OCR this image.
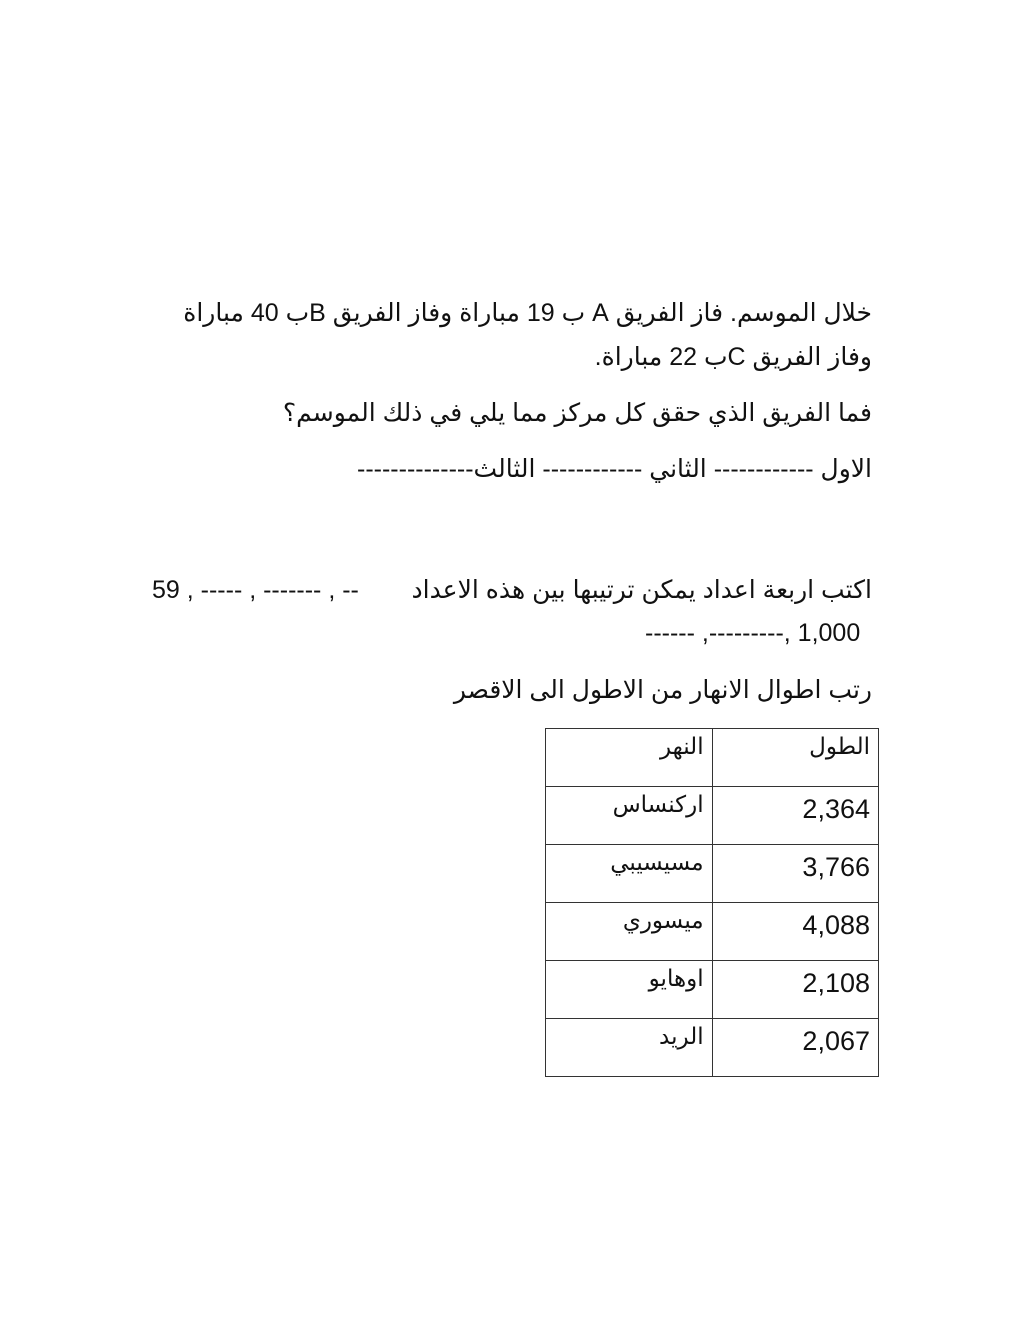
خلال الموسم. فاز الفريق A ب 19 مباراة وفاز الفريق Bب 40 مباراة
وفاز الفريق Cب 22 مباراة.
فما الفريق الذي حقق كل مركز مما يلي في ذلك الموسم؟
الاول ------------ الثاني ------------ الثالث--------------
اكتب اربعة اعداد يمكن ترتيبها بين هذه الاعداد
59 , ----- , ------- , --
------ ,---------, 1,000
رتب اطوال الانهار من الاطول الى الاقصر
الطول	النهر
2,364	اركنساس
3,766	مسيسيبي
4,088	ميسوري
2,108	اوهايو
2,067	الريد
